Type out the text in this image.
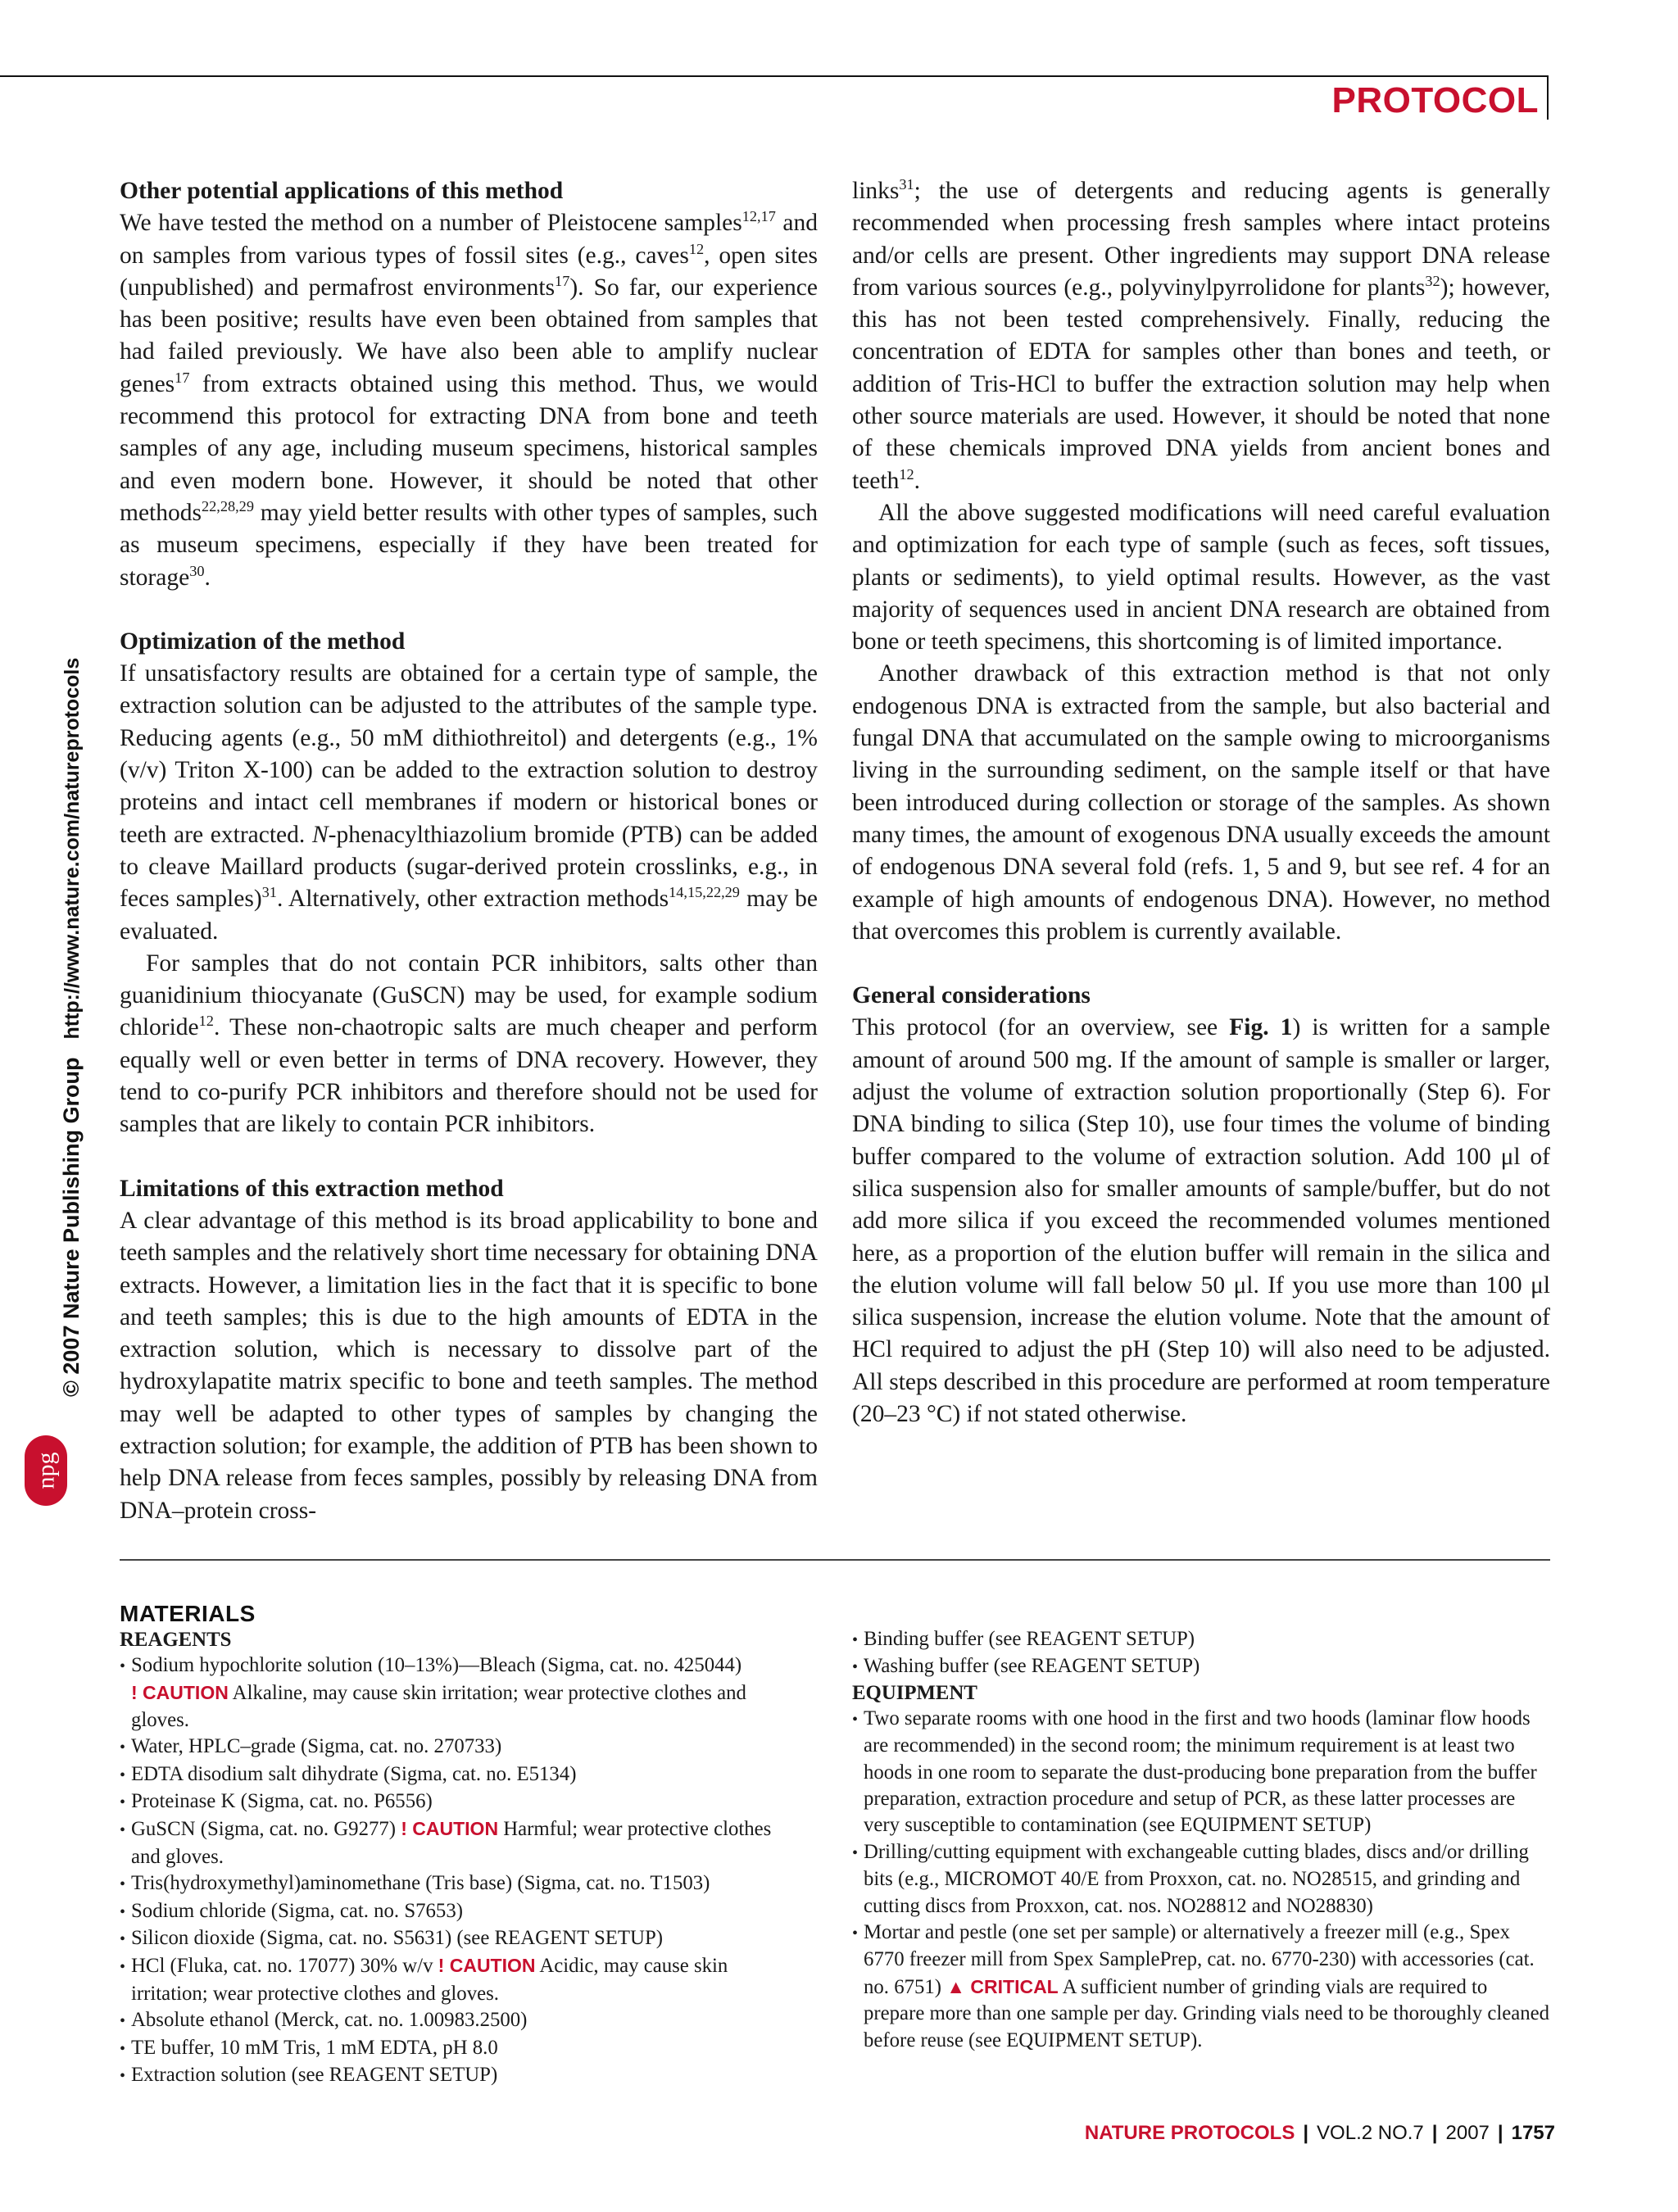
PROTOCOL
© 2007 Nature Publishing Grouphttp://www.nature.com/natureprotocols
npg

Other potential applications of this method

We have tested the method on a number of Pleistocene samples$^{12,17}$ and on samples from various types of fossil sites (e.g., caves$^{12}$, open sites (unpublished) and permafrost environments$^{17}$). So far, our experience has been positive; results have even been obtained from samples that had failed previously. We have also been able to amplify nuclear genes$^{17}$ from extracts obtained using this method. Thus, we would recommend this protocol for extracting DNA from bone and teeth samples of any age, including museum specimens, historical samples and even modern bone. However, it should be noted that other methods$^{22,28,29}$ may yield better results with other types of samples, such as museum specimens, especially if they have been treated for storage$^{30}$.

Optimization of the method

If unsatisfactory results are obtained for a certain type of sample, the extraction solution can be adjusted to the attributes of the sample type. Reducing agents (e.g., 50 mM dithiothreitol) and detergents (e.g., 1% (v/v) Triton X-100) can be added to the extraction solution to destroy proteins and intact cell membranes if modern or historical bones or teeth are extracted. N-phenacylthiazolium bromide (PTB) can be added to cleave Maillard products (sugar-derived protein crosslinks, e.g., in feces samples)$^{31}$. Alternatively, other extraction methods$^{14,15,22,29}$ may be evaluated.

For samples that do not contain PCR inhibitors, salts other than guanidinium thiocyanate (GuSCN) may be used, for example sodium chloride$^{12}$. These non-chaotropic salts are much cheaper and perform equally well or even better in terms of DNA recovery. However, they tend to co-purify PCR inhibitors and therefore should not be used for samples that are likely to contain PCR inhibitors.

Limitations of this extraction method

A clear advantage of this method is its broad applicability to bone and teeth samples and the relatively short time necessary for obtaining DNA extracts. However, a limitation lies in the fact that it is specific to bone and teeth samples; this is due to the high amounts of EDTA in the extraction solution, which is necessary to dissolve part of the hydroxylapatite matrix specific to bone and teeth samples. The method may well be adapted to other types of samples by changing the extraction solution; for example, the addition of PTB has been shown to help DNA release from feces samples, possibly by releasing DNA from DNA–protein cross-

links$^{31}$; the use of detergents and reducing agents is generally recommended when processing fresh samples where intact proteins and/or cells are present. Other ingredients may support DNA release from various sources (e.g., polyvinylpyrrolidone for plants$^{32}$); however, this has not been tested comprehensively. Finally, reducing the concentration of EDTA for samples other than bones and teeth, or addition of Tris-HCl to buffer the extraction solution may help when other source materials are used. However, it should be noted that none of these chemicals improved DNA yields from ancient bones and teeth$^{12}$.

All the above suggested modifications will need careful evaluation and optimization for each type of sample (such as feces, soft tissues, plants or sediments), to yield optimal results. However, as the vast majority of sequences used in ancient DNA research are obtained from bone or teeth specimens, this shortcoming is of limited importance.

Another drawback of this extraction method is that not only endogenous DNA is extracted from the sample, but also bacterial and fungal DNA that accumulated on the sample owing to microorganisms living in the surrounding sediment, on the sample itself or that have been introduced during collection or storage of the samples. As shown many times, the amount of exogenous DNA usually exceeds the amount of endogenous DNA several fold (refs. 1, 5 and 9, but see ref. 4 for an example of high amounts of endogenous DNA). However, no method that overcomes this problem is currently available.

General considerations

This protocol (for an overview, see Fig. 1) is written for a sample amount of around 500 mg. If the amount of sample is smaller or larger, adjust the volume of extraction solution proportionally (Step 6). For DNA binding to silica (Step 10), use four times the volume of binding buffer compared to the volume of extraction solution. Add 100 μl of silica suspension also for smaller amounts of sample/buffer, but do not add more silica if you exceed the recommended volumes mentioned here, as a proportion of the elution buffer will remain in the silica and the elution volume will fall below 50 μl. If you use more than 100 μl silica suspension, increase the elution volume. Note that the amount of HCl required to adjust the pH (Step 10) will also need to be adjusted. All steps described in this procedure are performed at room temperature (20–23 °C) if not stated otherwise.

MATERIALS
REAGENTS
• Sodium hypochlorite solution (10–13%)—Bleach (Sigma, cat. no. 425044)
! CAUTION Alkaline, may cause skin irritation; wear protective clothes and gloves.
• Water, HPLC–grade (Sigma, cat. no. 270733)
• EDTA disodium salt dihydrate (Sigma, cat. no. E5134)
• Proteinase K (Sigma, cat. no. P6556)
• GuSCN (Sigma, cat. no. G9277) ! CAUTION Harmful; wear protective clothes and gloves.
• Tris(hydroxymethyl)aminomethane (Tris base) (Sigma, cat. no. T1503)
• Sodium chloride (Sigma, cat. no. S7653)
• Silicon dioxide (Sigma, cat. no. S5631) (see REAGENT SETUP)
• HCl (Fluka, cat. no. 17077) 30% w/v ! CAUTION Acidic, may cause skin irritation; wear protective clothes and gloves.
• Absolute ethanol (Merck, cat. no. 1.00983.2500)
• TE buffer, 10 mM Tris, 1 mM EDTA, pH 8.0
• Extraction solution (see REAGENT SETUP)
• Binding buffer (see REAGENT SETUP)
• Washing buffer (see REAGENT SETUP)
EQUIPMENT
• Two separate rooms with one hood in the first and two hoods (laminar flow hoods are recommended) in the second room; the minimum requirement is at least two hoods in one room to separate the dust-producing bone preparation from the buffer preparation, extraction procedure and setup of PCR, as these latter processes are very susceptible to contamination (see EQUIPMENT SETUP)
• Drilling/cutting equipment with exchangeable cutting blades, discs and/or drilling bits (e.g., MICROMOT 40/E from Proxxon, cat. no. NO28515, and grinding and cutting discs from Proxxon, cat. nos. NO28812 and NO28830)
• Mortar and pestle (one set per sample) or alternatively a freezer mill (e.g., Spex 6770 freezer mill from Spex SamplePrep, cat. no. 6770-230) with accessories (cat. no. 6751) ▲ CRITICAL A sufficient number of grinding vials are required to prepare more than one sample per day. Grinding vials need to be thoroughly cleaned before reuse (see EQUIPMENT SETUP).
NATURE PROTOCOLS | VOL.2 NO.7 | 2007 | 1757
